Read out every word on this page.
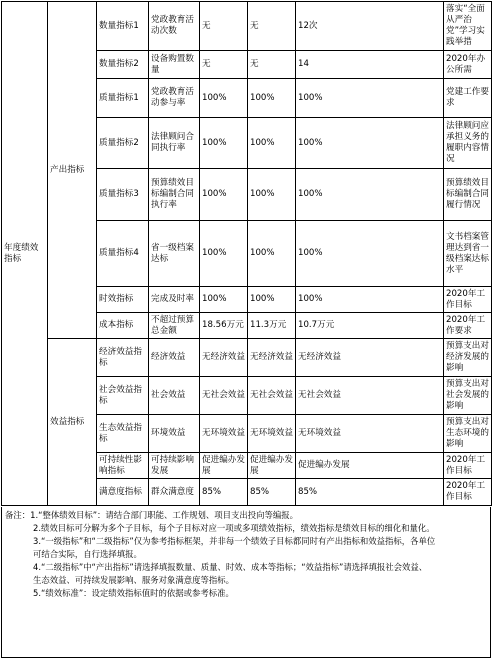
年度绩效指标	产出指标	数量指标1	党政教育活动次数	无	无	12次	落实“全面从严治党”学习实践举措
		数量指标2	设备购置数量	无	无	14	2020年办公所需
		质量指标1	党政教育活动参与率	100%	100%	100%	党建工作要求
		质量指标2	法律顾问合同执行率	100%	100%	100%	法律顾问应承担义务的履职内容情况
		质量指标3	预算绩效目标编制合同执行率	100%	100%	100%	预算绩效目标编制合同履行情况
		质量指标4	省一级档案达标	100%	100%	100%	文书档案管理达到省一级档案达标水平
		时效指标	完成及时率	100%	100%	100%	2020年工作目标
		成本指标	不超过预算总金额	18.56万元	11.3万元	10.7万元	2020年工作要求
	效益指标	经济效益指标	经济效益	无经济效益	无经济效益	无经济效益	预算支出对经济发展的影响
		社会效益指标	社会效益	无社会效益	无社会效益	无社会效益	预算支出对社会发展的影响
		生态效益指标	环境效益	无环境效益	无环境效益	无环境效益	预算支出对生态环境的影响
		可持续性影响指标	可持续影响发展	促进编办发展	促进编办发展	促进编办发展	2020年工作目标
		满意度指标	群众满意度	85%	85%	85%	2020年工作目标

备注：1.“整体绩效目标”：请结合部门职能、工作规划、项目支出投向等编报。

2.绩效目标可分解为多个子目标，每个子目标对应一项或多项绩效指标，绩效指标是绩效目标的细化和量化。

3.“一级指标”和“二级指标”仅为参考指标框架，并非每一个绩效子目标都同时有产出指标和效益指标，各单位

可结合实际，自行选择填报。

4.“二级指标”中“产出指标”请选择填报数量、质量、时效、成本等指标；“效益指标”请选择填报社会效益、

生态效益、可持续发展影响、服务对象满意度等指标。

5.“绩效标准”：设定绩效指标值时的依据或参考标准。
